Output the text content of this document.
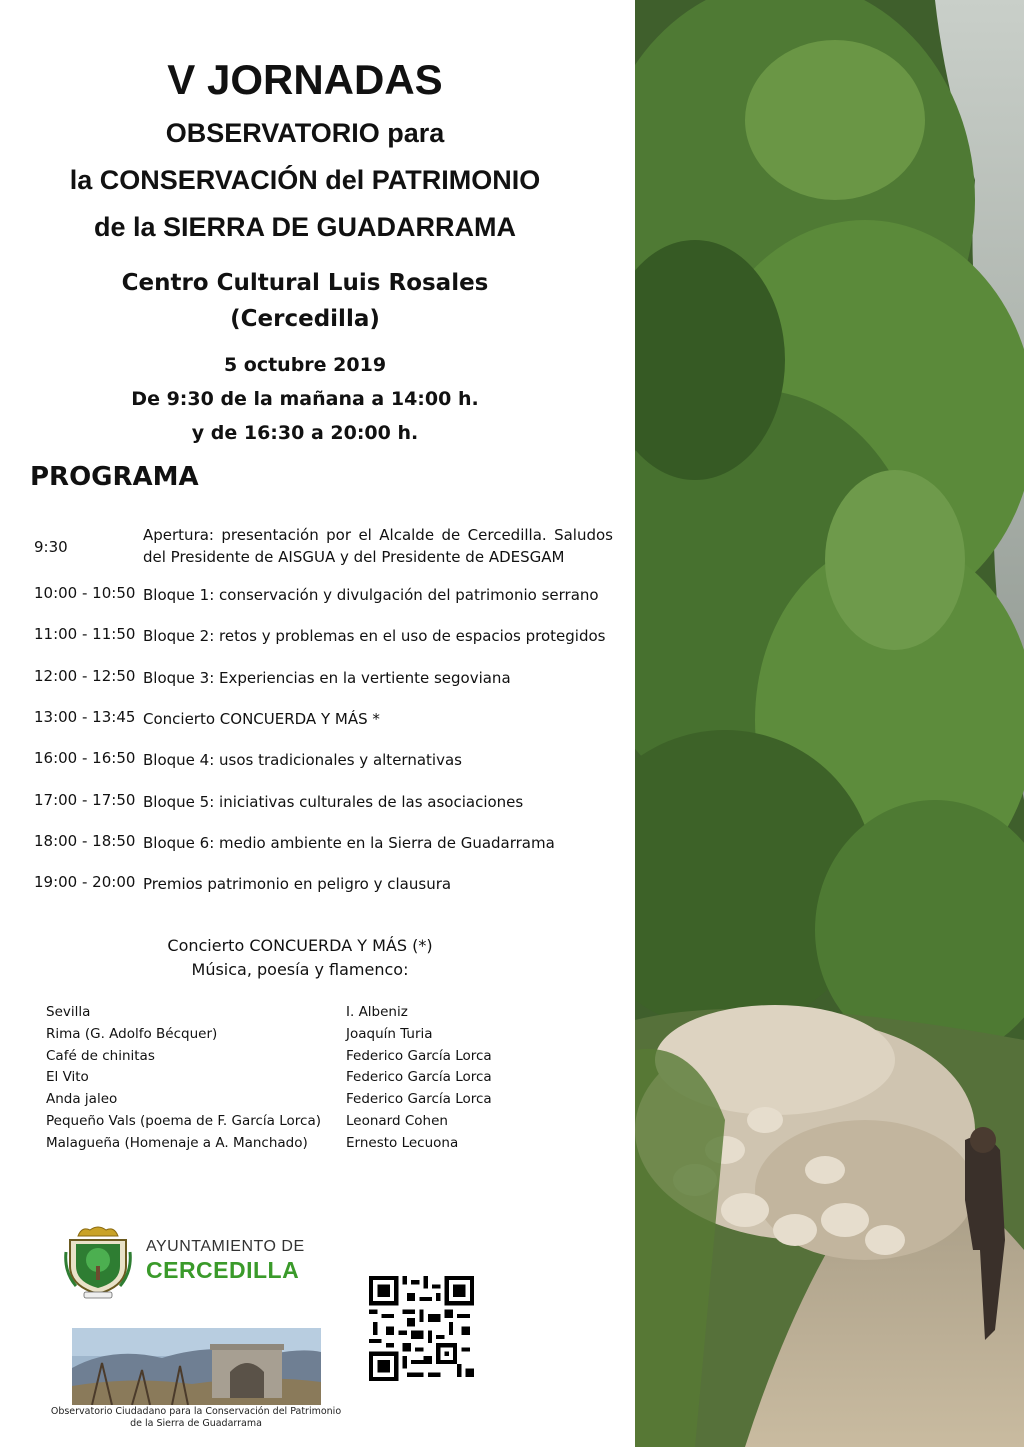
V JORNADAS
OBSERVATORIO para
la CONSERVACIÓN del PATRIMONIO
de la SIERRA DE GUADARRAMA
Centro Cultural Luis Rosales
(Cercedilla)
5 octubre 2019
De 9:30 de la mañana a 14:00 h.
y de 16:30 a 20:00 h.
PROGRAMA
9:30
Apertura: presentación por el Alcalde de Cercedilla. Saludos del Presidente de AISGUA y del Presidente de ADESGAM
10:00 - 10:50 Bloque 1: conservación y divulgación del patrimonio serrano
11:00 - 11:50 Bloque 2: retos y problemas en el uso de espacios protegidos
12:00 - 12:50 Bloque 3: Experiencias en la vertiente segoviana
13:00 - 13:45 Concierto CONCUERDA Y MÁS *
16:00 - 16:50 Bloque 4: usos tradicionales y alternativas
17:00 - 17:50 Bloque 5: iniciativas culturales de las asociaciones
18:00 - 18:50 Bloque 6: medio ambiente en la Sierra de Guadarrama
19:00 - 20:00 Premios patrimonio en peligro y clausura
Concierto CONCUERDA Y MÁS (*)
Música, poesía y flamenco:
Sevilla
Rima (G. Adolfo Bécquer)
Café de chinitas
El Vito
Anda jaleo
Pequeño Vals (poema de F. García Lorca)
Malagueña (Homenaje a A. Manchado)
I. Albeniz
Joaquín Turia
Federico García Lorca
Federico García Lorca
Federico García Lorca
Leonard Cohen
Ernesto Lecuona
AYUNTAMIENTO DE
CERCEDILLA
Observatorio Ciudadano para la Conservación del Patrimonio
de la Sierra de Guadarrama
